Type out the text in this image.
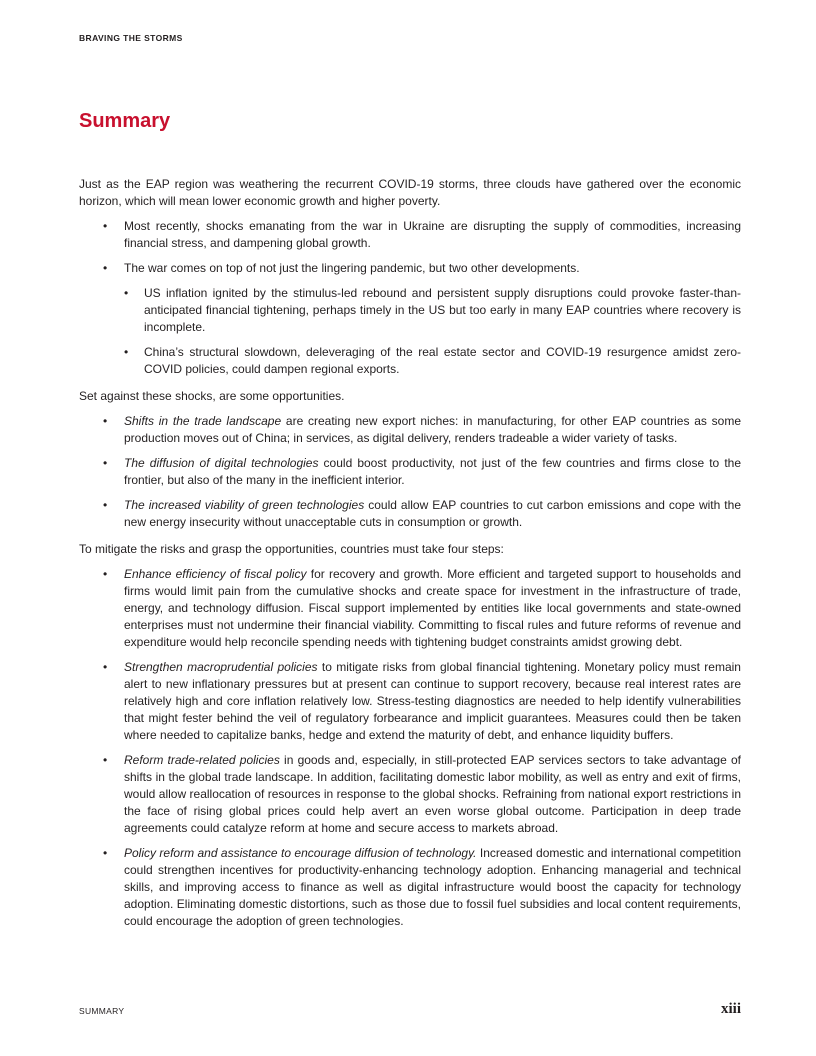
BRAVING THE STORMS
Summary

Just as the EAP region was weathering the recurrent COVID-19 storms, three clouds have gathered over the economic horizon, which will mean lower economic growth and higher poverty.

• Most recently, shocks emanating from the war in Ukraine are disrupting the supply of commodities, increasing financial stress, and dampening global growth.
• The war comes on top of not just the lingering pandemic, but two other developments.
• US inflation ignited by the stimulus-led rebound and persistent supply disruptions could provoke faster-than-anticipated financial tightening, perhaps timely in the US but too early in many EAP countries where recovery is incomplete.
• China’s structural slowdown, deleveraging of the real estate sector and COVID-19 resurgence amidst zero-COVID policies, could dampen regional exports.

Set against these shocks, are some opportunities.

• Shifts in the trade landscape are creating new export niches: in manufacturing, for other EAP countries as some production moves out of China; in services, as digital delivery, renders tradeable a wider variety of tasks.
• The diffusion of digital technologies could boost productivity, not just of the few countries and firms close to the frontier, but also of the many in the inefficient interior.
• The increased viability of green technologies could allow EAP countries to cut carbon emissions and cope with the new energy insecurity without unacceptable cuts in consumption or growth.

To mitigate the risks and grasp the opportunities, countries must take four steps:

• Enhance efficiency of fiscal policy for recovery and growth. More efficient and targeted support to households and firms would limit pain from the cumulative shocks and create space for investment in the infrastructure of trade, energy, and technology diffusion. Fiscal support implemented by entities like local governments and state-owned enterprises must not undermine their financial viability. Committing to fiscal rules and future reforms of revenue and expenditure would help reconcile spending needs with tightening budget constraints amidst growing debt.
• Strengthen macroprudential policies to mitigate risks from global financial tightening. Monetary policy must remain alert to new inflationary pressures but at present can continue to support recovery, because real interest rates are relatively high and core inflation relatively low. Stress-testing diagnostics are needed to help identify vulnerabilities that might fester behind the veil of regulatory forbearance and implicit guarantees. Measures could then be taken where needed to capitalize banks, hedge and extend the maturity of debt, and enhance liquidity buffers.
• Reform trade-related policies in goods and, especially, in still-protected EAP services sectors to take advantage of shifts in the global trade landscape. In addition, facilitating domestic labor mobility, as well as entry and exit of firms, would allow reallocation of resources in response to the global shocks. Refraining from national export restrictions in the face of rising global prices could help avert an even worse global outcome. Participation in deep trade agreements could catalyze reform at home and secure access to markets abroad.
• Policy reform and assistance to encourage diffusion of technology. Increased domestic and international competition could strengthen incentives for productivity-enhancing technology adoption. Enhancing managerial and technical skills, and improving access to finance as well as digital infrastructure would boost the capacity for technology adoption. Eliminating domestic distortions, such as those due to fossil fuel subsidies and local content requirements, could encourage the adoption of green technologies.
SUMMARY	xiii
